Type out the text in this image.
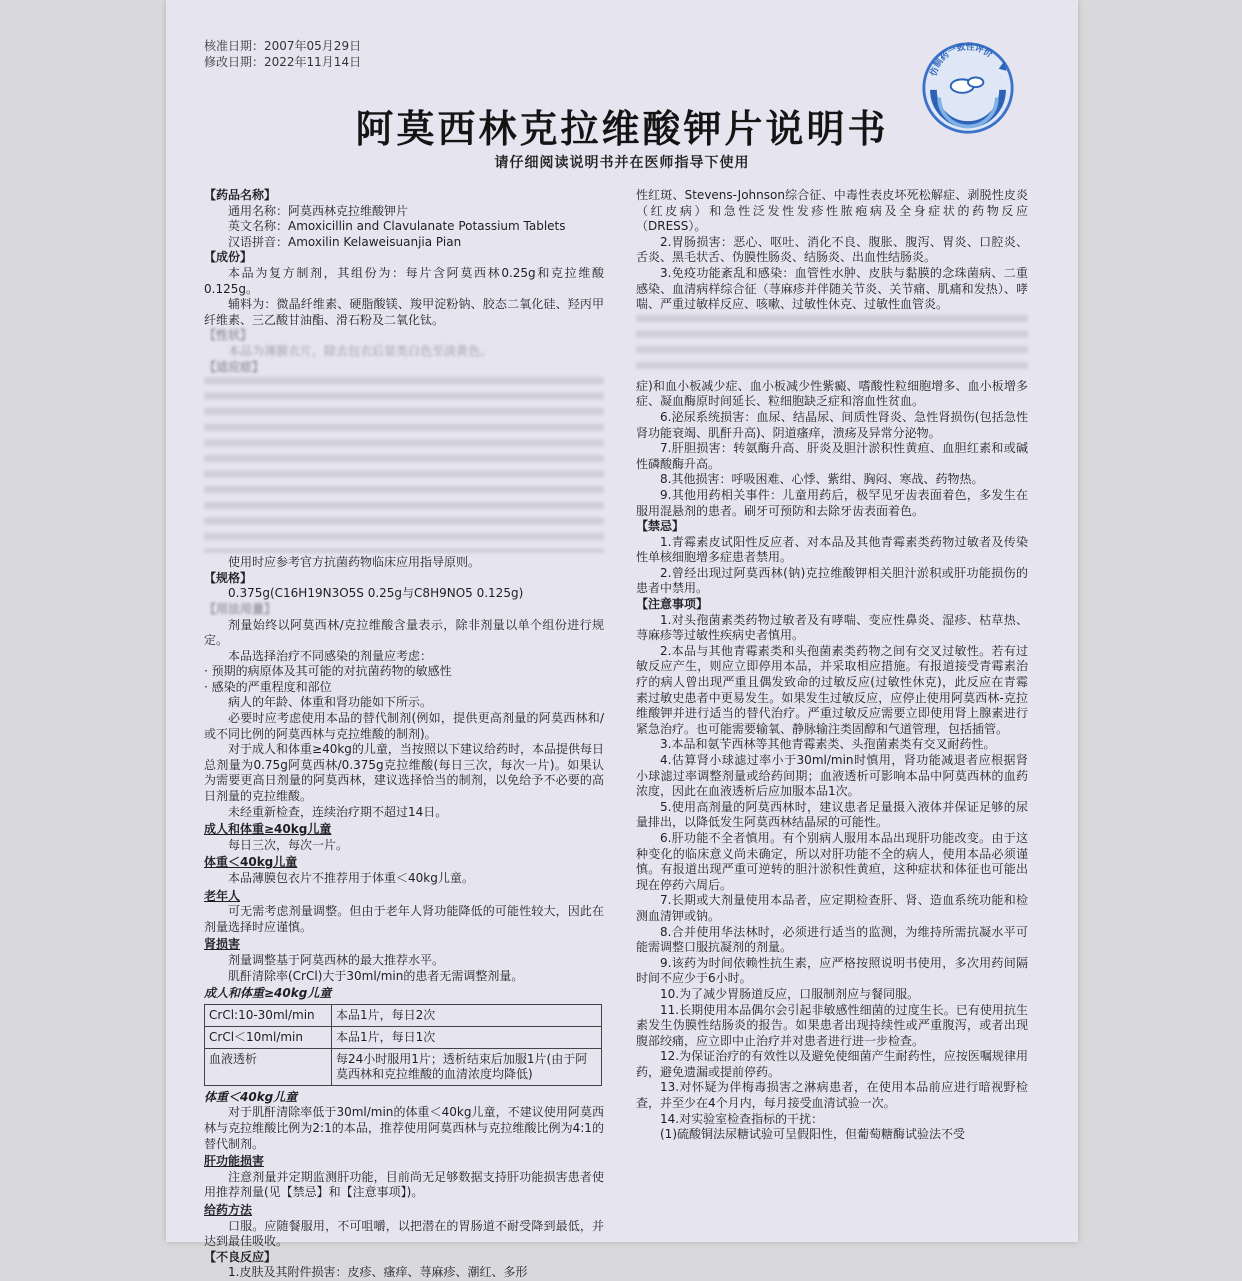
核准日期：2007年05月29日
修改日期：2022年11月14日
仿制药一致性评价
阿莫西林克拉维酸钾片说明书
请仔细阅读说明书并在医师指导下使用

【药品名称】

通用名称：阿莫西林克拉维酸钾片

英文名称：Amoxicillin and Clavulanate Potassium Tablets

汉语拼音：Amoxilin Kelaweisuanjia Pian

【成份】

本品为复方制剂，其组份为：每片含阿莫西林0.25g和克拉维酸0.125g。

辅料为：微晶纤维素、硬脂酸镁、羧甲淀粉钠、胶态二氧化硅、羟丙甲纤维素、三乙酸甘油酯、滑石粉及二氧化钛。

【性状】

本品为薄膜衣片，除去包衣后显类白色至淡黄色。

【适应症】

使用时应参考官方抗菌药物临床应用指导原则。

【规格】

0.375g(C16H19N3O5S 0.25g与C8H9NO5 0.125g)

【用法用量】

剂量始终以阿莫西林/克拉维酸含量表示，除非剂量以单个组份进行规定。

本品选择治疗不同感染的剂量应考虑：

· 预期的病原体及其可能的对抗菌药物的敏感性

· 感染的严重程度和部位

病人的年龄、体重和肾功能如下所示。

必要时应考虑使用本品的替代制剂(例如，提供更高剂量的阿莫西林和/或不同比例的阿莫西林与克拉维酸的制剂)。

对于成人和体重≥40kg的儿童，当按照以下建议给药时，本品提供每日总剂量为0.75g阿莫西林/0.375g克拉维酸(每日三次，每次一片)。如果认为需要更高日剂量的阿莫西林，建议选择恰当的制剂，以免给予不必要的高日剂量的克拉维酸。

未经重新检查，连续治疗期不超过14日。

成人和体重≥40kg儿童

每日三次，每次一片。

体重＜40kg儿童

本品薄膜包衣片不推荐用于体重＜40kg儿童。

老年人

可无需考虑剂量调整。但由于老年人肾功能降低的可能性较大，因此在剂量选择时应谨慎。

肾损害

剂量调整基于阿莫西林的最大推荐水平。

肌酐清除率(CrCl)大于30ml/min的患者无需调整剂量。

成人和体重≥40kg儿童

CrCl:10-30ml/min	本品1片，每日2次
CrCl＜10ml/min	本品1片，每日1次
血液透析	每24小时服用1片；透析结束后加服1片(由于阿莫西林和克拉维酸的血清浓度均降低)

体重＜40kg儿童

对于肌酐清除率低于30ml/min的体重＜40kg儿童，不建议使用阿莫西林与克拉维酸比例为2:1的本品，推荐使用阿莫西林与克拉维酸比例为4:1的替代制剂。

肝功能损害

注意剂量并定期监测肝功能，目前尚无足够数据支持肝功能损害患者使用推荐剂量(见【禁忌】和【注意事项】)。

给药方法

口服。应随餐服用，不可咀嚼，以把潜在的胃肠道不耐受降到最低，并达到最佳吸收。

【不良反应】

1.皮肤及其附件损害：皮疹、瘙痒、荨麻疹、潮红、多形

性红斑、Stevens-Johnson综合征、中毒性表皮坏死松解症、剥脱性皮炎（红皮病）和急性泛发性发疹性脓疱病及全身症状的药物反应（DRESS）。

2.胃肠损害：恶心、呕吐、消化不良、腹胀、腹泻、胃炎、口腔炎、舌炎、黑毛状舌、伪膜性肠炎、结肠炎、出血性结肠炎。

3.免疫功能紊乱和感染：血管性水肿、皮肤与黏膜的念珠菌病、二重感染、血清病样综合征（荨麻疹并伴随关节炎、关节痛、肌痛和发热）、哮喘、严重过敏样反应、咳嗽、过敏性休克、过敏性血管炎。

症)和血小板减少症、血小板减少性紫癜、嗜酸性粒细胞增多、血小板增多症、凝血酶原时间延长、粒细胞缺乏症和溶血性贫血。

6.泌尿系统损害：血尿、结晶尿、间质性肾炎、急性肾损伤(包括急性肾功能衰竭、肌酐升高)、阴道瘙痒，溃疡及异常分泌物。

7.肝胆损害：转氨酶升高、肝炎及胆汁淤积性黄疸、血胆红素和或碱性磷酸酶升高。

8.其他损害：呼吸困难、心悸、紫绀、胸闷、寒战、药物热。

9.其他用药相关事件：儿童用药后，极罕见牙齿表面着色，多发生在服用混悬剂的患者。刷牙可预防和去除牙齿表面着色。

【禁忌】

1.青霉素皮试阳性反应者、对本品及其他青霉素类药物过敏者及传染性单核细胞增多症患者禁用。

2.曾经出现过阿莫西林(钠)克拉维酸钾相关胆汁淤积或肝功能损伤的患者中禁用。

【注意事项】

1.对头孢菌素类药物过敏者及有哮喘、变应性鼻炎、湿疹、枯草热、荨麻疹等过敏性疾病史者慎用。

2.本品与其他青霉素类和头孢菌素类药物之间有交叉过敏性。若有过敏反应产生，则应立即停用本品，并采取相应措施。有报道接受青霉素治疗的病人曾出现严重且偶发致命的过敏反应(过敏性休克)，此反应在青霉素过敏史患者中更易发生。如果发生过敏反应，应停止使用阿莫西林-克拉维酸钾并进行适当的替代治疗。严重过敏反应需要立即使用肾上腺素进行紧急治疗。也可能需要输氧、静脉输注类固醇和气道管理，包括插管。

3.本品和氨苄西林等其他青霉素类、头孢菌素类有交叉耐药性。

4.估算肾小球滤过率小于30ml/min时慎用，肾功能减退者应根据肾小球滤过率调整剂量或给药间期；血液透析可影响本品中阿莫西林的血药浓度，因此在血液透析后应加服本品1次。

5.使用高剂量的阿莫西林时，建议患者足量摄入液体并保证足够的尿量排出，以降低发生阿莫西林结晶尿的可能性。

6.肝功能不全者慎用。有个别病人服用本品出现肝功能改变。由于这种变化的临床意义尚未确定，所以对肝功能不全的病人，使用本品必须谨慎。有报道出现严重可逆转的胆汁淤积性黄疸，这种症状和体征也可能出现在停药六周后。

7.长期或大剂量使用本品者，应定期检查肝、肾、造血系统功能和检测血清钾或钠。

8.合并使用华法林时，必须进行适当的监测，为维持所需抗凝水平可能需调整口服抗凝剂的剂量。

9.该药为时间依赖性抗生素，应严格按照说明书使用，多次用药间隔时间不应少于6小时。

10.为了减少胃肠道反应，口服制剂应与餐同服。

11.长期使用本品偶尔会引起非敏感性细菌的过度生长。已有使用抗生素发生伪膜性结肠炎的报告。如果患者出现持续性或严重腹泻，或者出现腹部绞痛，应立即中止治疗并对患者进行进一步检查。

12.为保证治疗的有效性以及避免使细菌产生耐药性，应按医嘱规律用药，避免遗漏或提前停药。

13.对怀疑为伴梅毒损害之淋病患者，在使用本品前应进行暗视野检查，并至少在4个月内，每月接受血清试验一次。

14.对实验室检查指标的干扰：

(1)硫酸铜法尿糖试验可呈假阳性，但葡萄糖酶试验法不受
